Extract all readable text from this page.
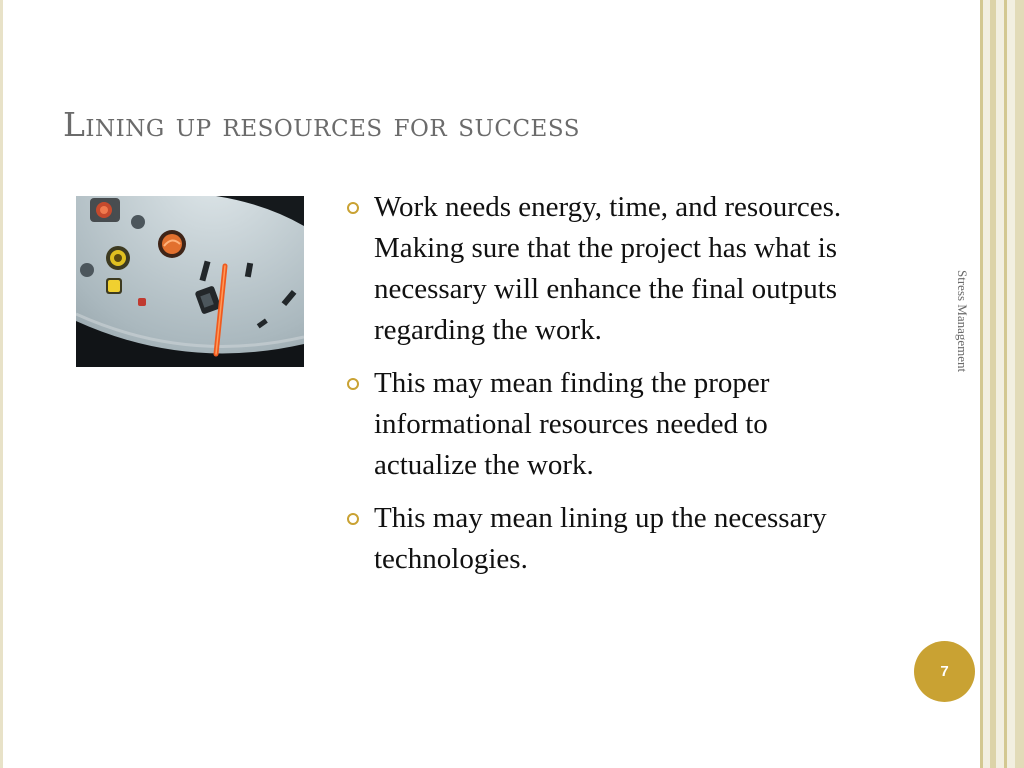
Lining up resources for success
Work needs energy, time, and resources. Making sure that the project has what is necessary will enhance the final outputs regarding the work.
This may mean finding the proper informational resources needed to actualize the work.
This may mean lining up the necessary technologies.
Stress Management
7
